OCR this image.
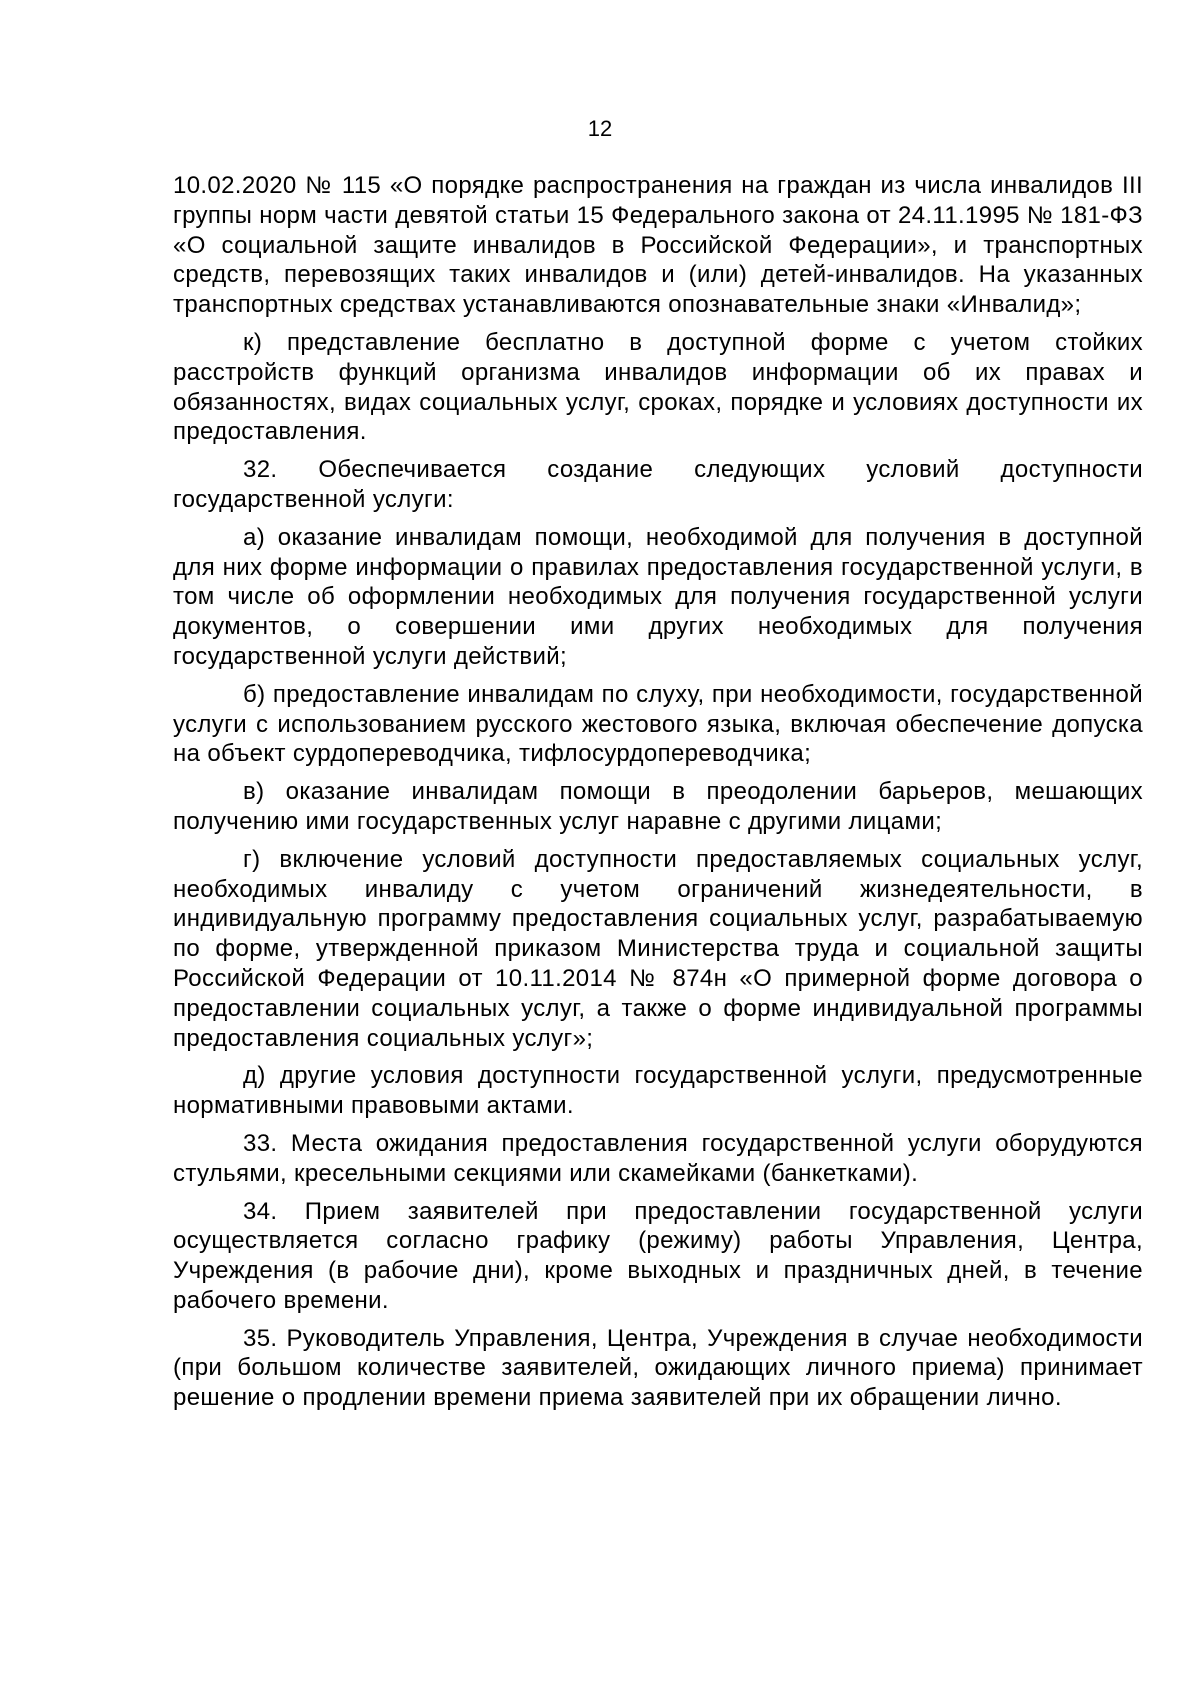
12

10.02.2020 № 115 «О порядке распространения на граждан из числа инвалидов III группы норм части девятой статьи 15 Федерального закона от 24.11.1995 № 181-ФЗ «О социальной защите инвалидов в Российской Федерации», и транспортных средств, перевозящих таких инвалидов и (или) детей-инвалидов. На указанных транспортных средствах устанавливаются опознавательные знаки «Инвалид»;

к) представление бесплатно в доступной форме с учетом стойких расстройств функций организма инвалидов информации об их правах и обязанностях, видах социальных услуг, сроках, порядке и условиях доступности их предоставления.

32. Обеспечивается создание следующих условий доступности государственной услуги:

а) оказание инвалидам помощи, необходимой для получения в доступной для них форме информации о правилах предоставления государственной услуги, в том числе об оформлении необходимых для получения государственной услуги документов, о совершении ими других необходимых для получения государственной услуги действий;

б) предоставление инвалидам по слуху, при необходимости, государственной услуги с использованием русского жестового языка, включая обеспечение допуска на объект сурдопереводчика, тифлосурдопереводчика;

в) оказание инвалидам помощи в преодолении барьеров, мешающих получению ими государственных услуг наравне с другими лицами;

г) включение условий доступности предоставляемых социальных услуг, необходимых инвалиду с учетом ограничений жизнедеятельности, в индивидуальную программу предоставления социальных услуг, разрабатываемую по форме, утвержденной приказом Министерства труда и социальной защиты Российской Федерации от 10.11.2014 № 874н «О примерной форме договора о предоставлении социальных услуг, а также о форме индивидуальной программы предоставления социальных услуг»;

д) другие условия доступности государственной услуги, предусмотренные нормативными правовыми актами.

33. Места ожидания предоставления государственной услуги оборудуются стульями, кресельными секциями или скамейками (банкетками).

34. Прием заявителей при предоставлении государственной услуги осуществляется согласно графику (режиму) работы Управления, Центра, Учреждения (в рабочие дни), кроме выходных и праздничных дней, в течение рабочего времени.

35. Руководитель Управления, Центра, Учреждения в случае необходимости (при большом количестве заявителей, ожидающих личного приема) принимает решение о продлении времени приема заявителей при их обращении лично.
